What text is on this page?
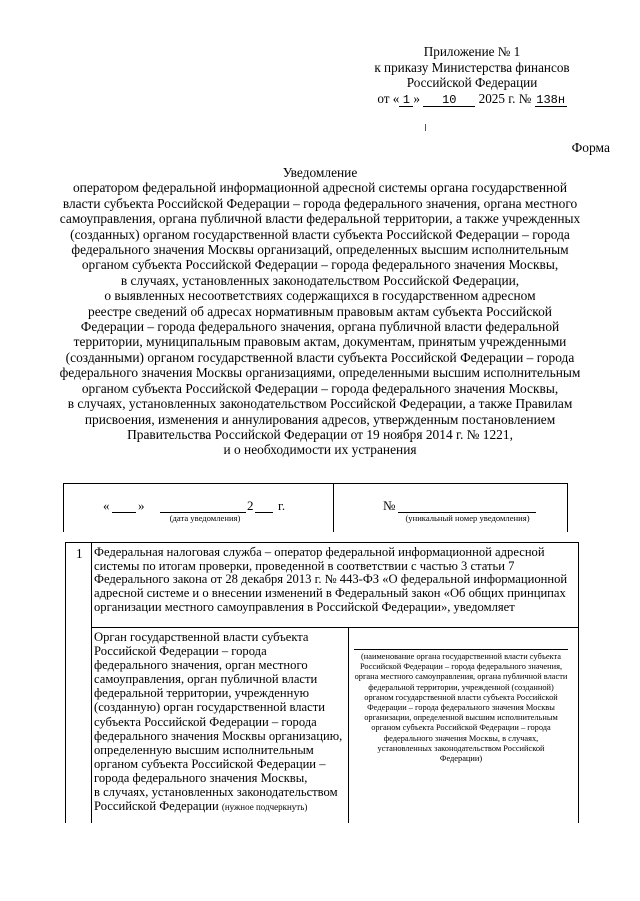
Приложение № 1
к приказу Министерства финансов
Российской Федерации
от « 1 » 10 2025 г. № 138н
Форма
Уведомление
оператором федеральной информационной адресной системы органа государственной
власти субъекта Российской Федерации – города федерального значения, органа местного
самоуправления, органа публичной власти федеральной территории, а также учрежденных
(созданных) органом государственной власти субъекта Российской Федерации – города
федерального значения Москвы организаций, определенных высшим исполнительным
органом субъекта Российской Федерации – города федерального значения Москвы,
в случаях, установленных законодательством Российской Федерации,
о выявленных несоответствиях содержащихся в государственном адресном
реестре сведений об адресах нормативным правовым актам субъекта Российской
Федерации – города федерального значения, органа публичной власти федеральной
территории, муниципальным правовым актам, документам, принятым учрежденными
(созданными) органом государственной власти субъекта Российской Федерации – города
федерального значения Москвы организациями, определенными высшим исполнительным
органом субъекта Российской Федерации – города федерального значения Москвы,
в случаях, установленных законодательством Российской Федерации, а также Правилам
присвоения, изменения и аннулирования адресов, утвержденным постановлением
Правительства Российской Федерации от 19 ноября 2014 г. № 1221,
и о необходимости их устранения
« »	2 г.
(дата уведомления)
№
(уникальный номер уведомления)
1 Федеральная налоговая служба – оператор федеральной информационной адресной
системы по итогам проверки, проведенной в соответствии с частью 3 статьи 7
Федерального закона от 28 декабря 2013 г. № 443-ФЗ «О федеральной информационной
адресной системе и о внесении изменений в Федеральный закон «Об общих принципах
организации местного самоуправления в Российской Федерации», уведомляет
Орган государственной власти субъекта
Российской Федерации – города
федерального значения, орган местного
самоуправления, орган публичной власти
федеральной территории, учрежденную
(созданную) орган государственной власти
субъекта Российской Федерации – города
федерального значения Москвы организацию,
определенную высшим исполнительным
органом субъекта Российской Федерации –
города федерального значения Москвы,
в случаях, установленных законодательством
Российской Федерации (нужное подчеркнуть)
(наименование органа государственной власти субъекта
Российской Федерации – города федерального значения,
органа местного самоуправления, органа публичной власти
федеральной территории, учрежденной (созданной)
органом государственной власти субъекта Российской
Федерации – города федерального значения Москвы
организации, определенной высшим исполнительным
органом субъекта Российской Федерации – города
федерального значения Москвы, в случаях,
установленных законодательством Российской
Федерации)
